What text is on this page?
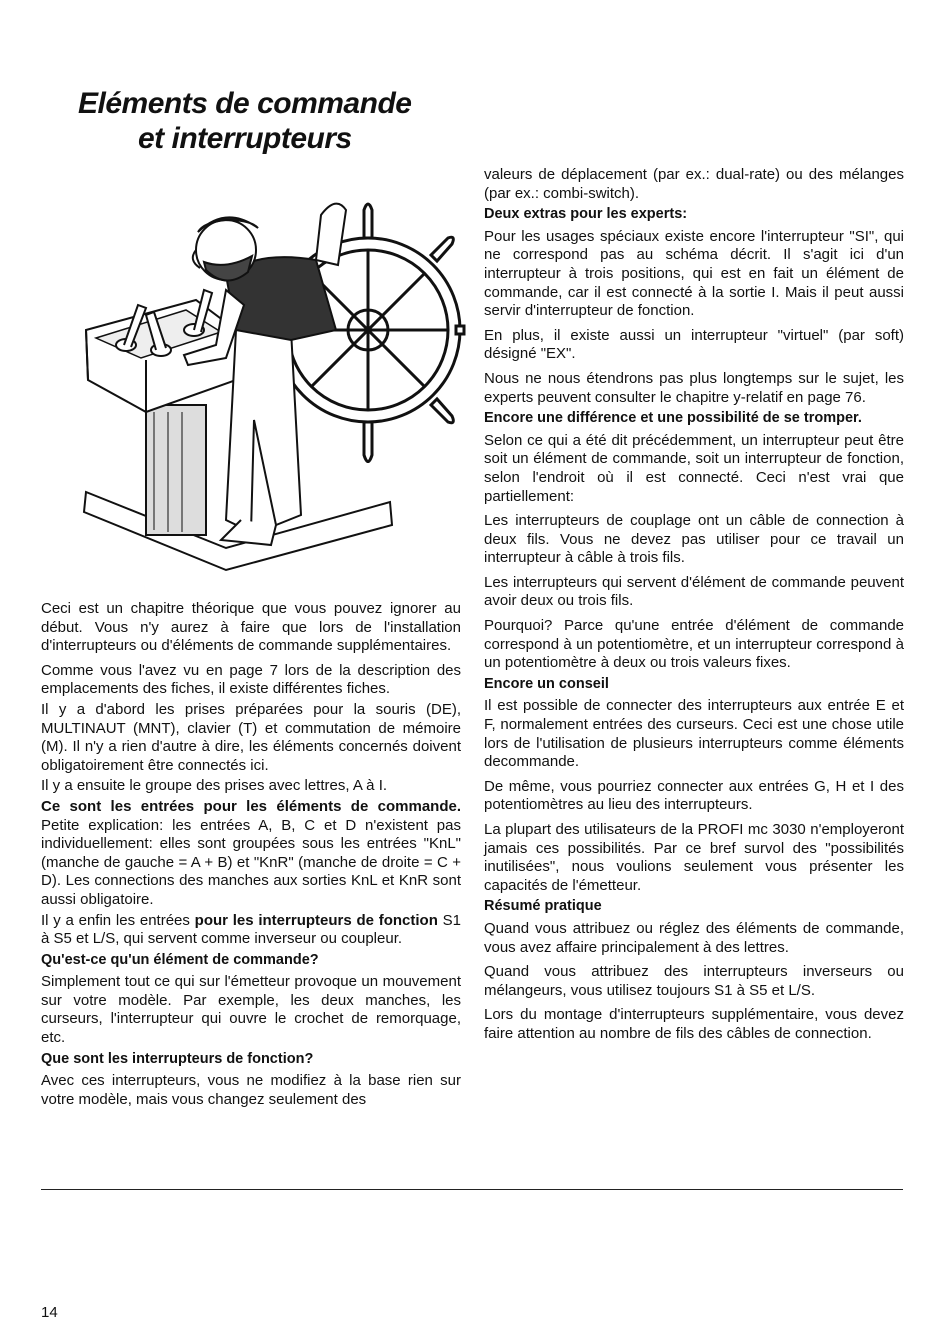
Eléments de commande
et interrupteurs

Ceci est un chapitre théorique que vous pouvez ignorer au début. Vous n'y aurez à faire que lors de l'installation d'interrupteurs ou d'éléments de commande supplémentaires.

Comme vous l'avez vu en page 7 lors de la description des emplacements des fiches, il existe différentes fiches.

Il y a d'abord les prises préparées pour la souris (DE), MULTINAUT (MNT), clavier (T) et commutation de mémoire (M). Il n'y a rien d'autre à dire, les éléments concernés doivent obligatoirement être connectés ici.

Il y a ensuite le groupe des prises avec lettres, A à I.

Ce sont les entrées pour les éléments de commande. Petite explication: les entrées A, B, C et D n'existent pas individuellement: elles sont groupées sous les entrées "KnL" (manche de gauche = A + B) et "KnR" (manche de droite = C + D). Les connections des manches aux sorties KnL et KnR sont aussi obligatoire.

Il y a enfin les entrées pour les interrupteurs de fonction S1 à S5 et L/S, qui servent comme inverseur ou coupleur.

Qu'est-ce qu'un élément de commande?

Simplement tout ce qui sur l'émetteur provoque un mouvement sur votre modèle. Par exemple, les deux manches, les curseurs, l'interrupteur qui ouvre le crochet de remorquage, etc.

Que sont les interrupteurs de fonction?

Avec ces interrupteurs, vous ne modifiez à la base rien sur votre modèle, mais vous changez seulement des

valeurs de déplacement (par ex.: dual-rate) ou des mélanges (par ex.: combi-switch).

Deux extras pour les experts:

Pour les usages spéciaux existe encore l'interrupteur "SI", qui ne correspond pas au schéma décrit. Il s'agit ici d'un interrupteur à trois positions, qui est en fait un élément de commande, car il est connecté à la sortie I. Mais il peut aussi servir d'interrupteur de fonction.

En plus, il existe aussi un interrupteur "virtuel" (par soft) désigné "EX".

Nous ne nous étendrons pas plus longtemps sur le sujet, les experts peuvent consulter le chapitre y-relatif en page 76.

Encore une différence et une possibilité de se tromper.

Selon ce qui a été dit précédemment, un interrupteur peut être soit un élément de commande, soit un interrupteur de fonction, selon l'endroit où il est connecté. Ceci n'est vrai que partiellement:

Les interrupteurs de couplage ont un câble de connection à deux fils. Vous ne devez pas utiliser pour ce travail un interrupteur à câble à trois fils.

Les interrupteurs qui servent d'élément de commande peuvent avoir deux ou trois fils.

Pourquoi? Parce qu'une entrée d'élément de commande correspond à un potentiomètre, et un interrupteur correspond à un potentiomètre à deux ou trois valeurs fixes.

Encore un conseil

Il est possible de connecter des interrupteurs aux entrée E et F, normalement entrées des curseurs. Ceci est une chose utile lors de l'utilisation de plusieurs interrupteurs comme éléments decommande.

De même, vous pourriez connecter aux entrées G, H et I des potentiomètres au lieu des interrupteurs.

La plupart des utilisateurs de la PROFI mc 3030 n'employeront jamais ces possibilités. Par ce bref survol des "possibilités inutilisées", nous voulions seulement vous présenter les capacités de l'émetteur.

Résumé pratique

Quand vous attribuez ou réglez des éléments de commande, vous avez affaire principalement à des lettres.

Quand vous attribuez des interrupteurs inverseurs ou mélangeurs, vous utilisez toujours S1 à S5 et L/S.

Lors du montage d'interrupteurs supplémentaire, vous devez faire attention au nombre de fils des câbles de connection.

14
